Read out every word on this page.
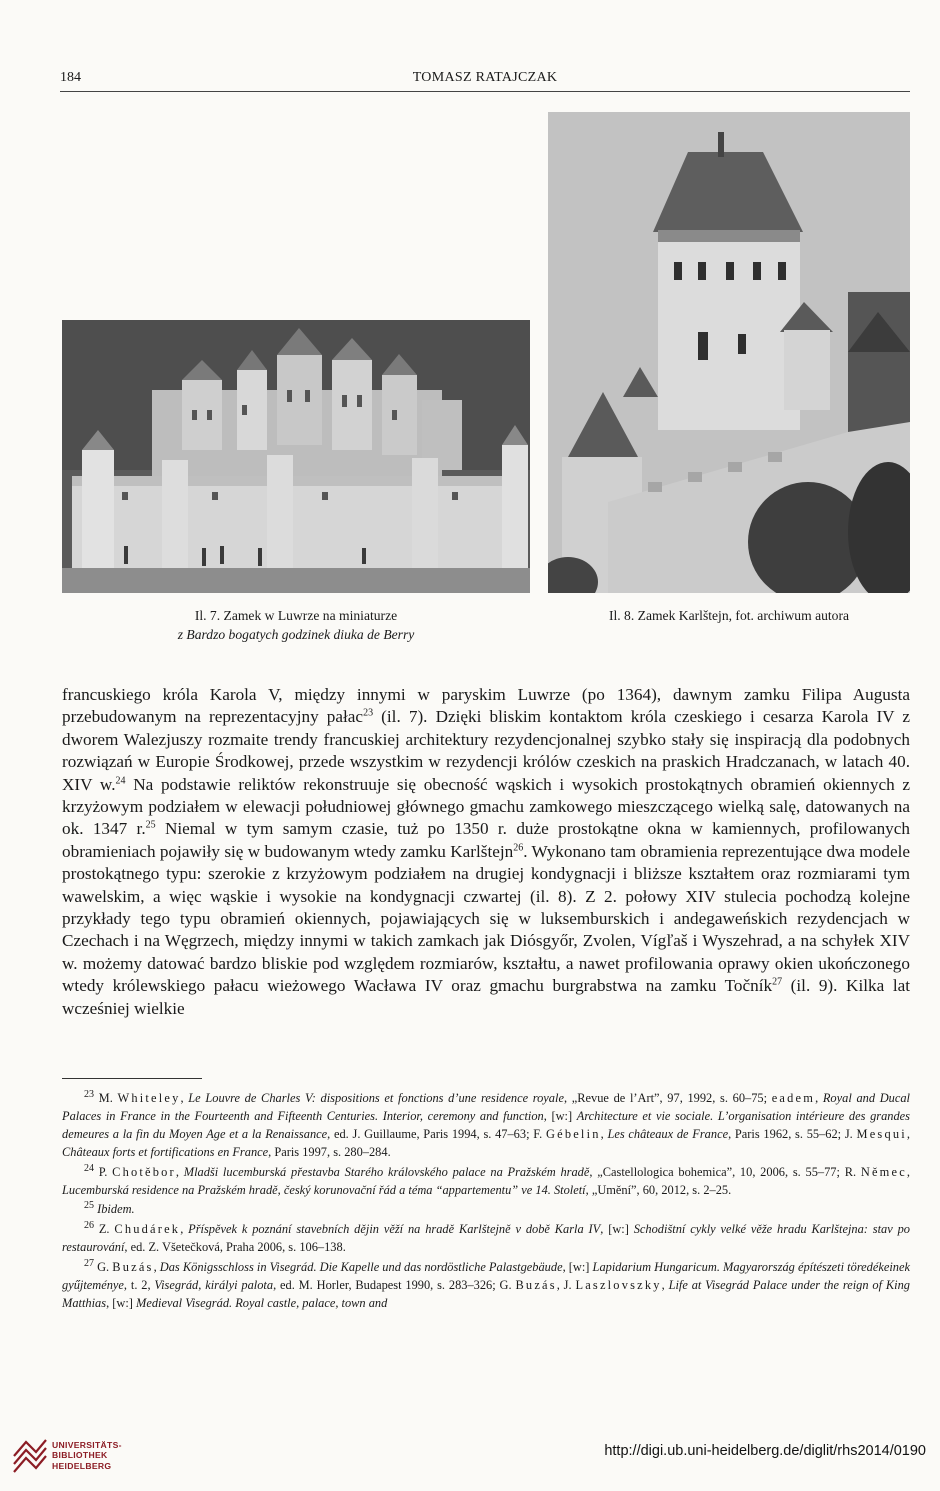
184	TOMASZ RATAJCZAK
Il. 7. Zamek w Luwrze na miniaturze
z Bardzo bogatych godzinek diuka de Berry
Il. 8. Zamek Karlštejn, fot. archiwum autora
francuskiego króla Karola V, między innymi w paryskim Luwrze (po 1364), dawnym zamku Filipa Augusta przebudowanym na reprezentacyjny pałac$^{23}$ (il. 7). Dzięki bliskim kontaktom króla czeskiego i cesarza Karola IV z dworem Walezjuszy rozmaite trendy francuskiej architektury rezydencjonalnej szybko stały się inspiracją dla podobnych rozwiązań w Europie Środkowej, przede wszystkim w rezydencji królów czeskich na praskich Hradczanach, w latach 40. XIV w.$^{24}$ Na podstawie reliktów rekonstruuje się obecność wąskich i wysokich prostokątnych obramień okiennych z krzyżowym podziałem w elewacji południowej głównego gmachu zamkowego mieszczącego wielką salę, datowanych na ok. 1347 r.$^{25}$ Niemal w tym samym czasie, tuż po 1350 r. duże prostokątne okna w kamiennych, profilowanych obramieniach pojawiły się w budowanym wtedy zamku Karlštejn$^{26}$. Wykonano tam obramienia reprezentujące dwa modele prostokątnego typu: szerokie z krzyżowym podziałem na drugiej kondygnacji i bliższe kształtem oraz rozmiarami tym wawelskim, a więc wąskie i wysokie na kondygnacji czwartej (il. 8). Z 2. połowy XIV stulecia pochodzą kolejne przykłady tego typu obramień okiennych, pojawiających się w luksemburskich i andegaweńskich rezydencjach w Czechach i na Węgrzech, między innymi w takich zamkach jak Diósgyőr, Zvolen, Vígľaš i Wyszehrad, a na schyłek XIV w. możemy datować bardzo bliskie pod względem rozmiarów, kształtu, a nawet profilowania oprawy okien ukończonego wtedy królewskiego pałacu wieżowego Wacława IV oraz gmachu burgrabstwa na zamku Točník$^{27}$ (il. 9). Kilka lat wcześniej wielkie

$^{23}$ M. Whiteley, Le Louvre de Charles V: dispositions et fonctions d’une residence royale, „Revue de l’Art”, 97, 1992, s. 60–75; eadem, Royal and Ducal Palaces in France in the Fourteenth and Fifteenth Centuries. Interior, ceremony and function, [w:] Architecture et vie sociale. L’organisation intérieure des grandes demeures a la fin du Moyen Age et a la Renaissance, ed. J. Guillaume, Paris 1994, s. 47–63; F. Gébelin, Les châteaux de France, Paris 1962, s. 55–62; J. Mesqui, Châteaux forts et fortifications en France, Paris 1997, s. 280–284.

$^{24}$ P. Chotěbor, Mladši lucemburská přestavba Starého královského palace na Pražském hradě, „Castellologica bohemica”, 10, 2006, s. 55–77; R. Němec, Lucemburská residence na Pražském hradě, český korunovační řád a téma “appartementu” ve 14. Století, „Umění”, 60, 2012, s. 2–25.

$^{25}$ Ibidem.

$^{26}$ Z. Chudárek, Příspěvek k poznání stavebních dějin věží na hradě Karlštejně v době Karla IV, [w:] Schodištní cykly velké věže hradu Karlštejna: stav po restaurování, ed. Z. Všetečková, Praha 2006, s. 106–138.

$^{27}$ G. Buzás, Das Königsschloss in Visegrád. Die Kapelle und das nordöstliche Palastgebäude, [w:] Lapidarium Hungaricum. Magyarország építészeti töredékeinek gyűjteménye, t. 2, Visegrád, királyi palota, ed. M. Horler, Budapest 1990, s. 283–326; G. Buzás, J. Laszlovszky, Life at Visegrád Palace under the reign of King Matthias, [w:] Medieval Visegrád. Royal castle, palace, town and

UNIVERSITÄTS-
BIBLIOTHEK
HEIDELBERG
http://digi.ub.uni-heidelberg.de/diglit/rhs2014/0190
